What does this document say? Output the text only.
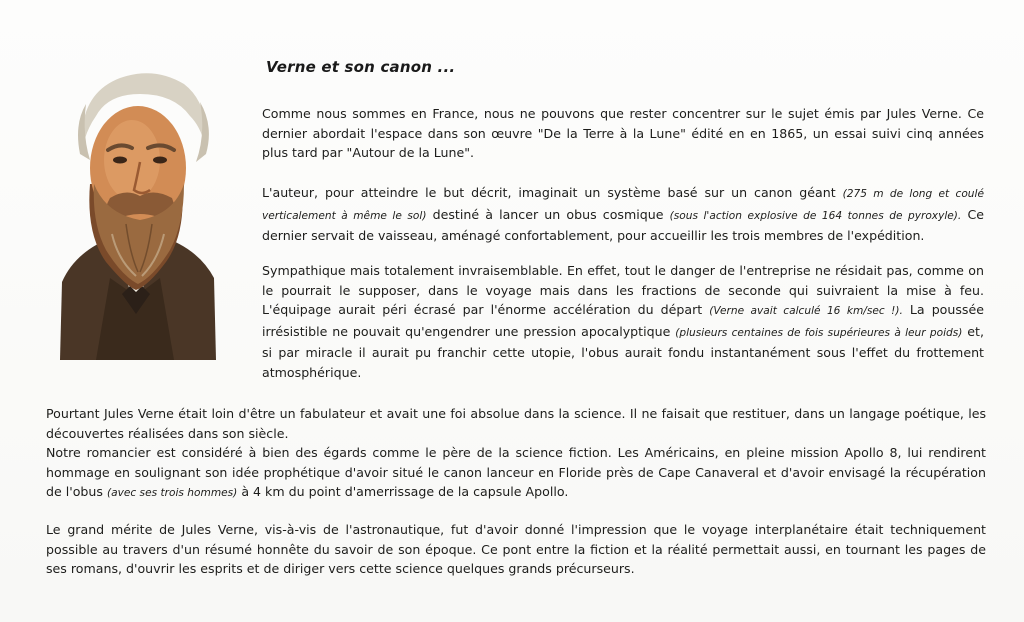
Verne et son canon ...
Comme nous sommes en France, nous ne pouvons que rester concentrer sur le sujet émis par Jules Verne. Ce dernier abordait l'espace dans son œuvre "De la Terre à la Lune" édité en en 1865, un essai suivi cinq années plus tard par "Autour de la Lune".
L'auteur, pour atteindre le but décrit, imaginait un système basé sur un canon géant (275 m de long et coulé verticalement à même le sol) destiné à lancer un obus cosmique (sous l'action explosive de 164 tonnes de pyroxyle). Ce dernier servait de vaisseau, aménagé confortablement, pour accueillir les trois membres de l'expédition.
Sympathique mais totalement invraisemblable. En effet, tout le danger de l'entreprise ne résidait pas, comme on le pourrait le supposer, dans le voyage mais dans les fractions de seconde qui suivraient la mise à feu. L'équipage aurait péri écrasé par l'énorme accélération du départ (Verne avait calculé 16 km/sec !). La poussée irrésistible ne pouvait qu'engendrer une pression apocalyptique (plusieurs centaines de fois supérieures à leur poids) et, si par miracle il aurait pu franchir cette utopie, l'obus aurait fondu instantanément sous l'effet du frottement atmosphérique.
Pourtant Jules Verne était loin d'être un fabulateur et avait une foi absolue dans la science. Il ne faisait que restituer, dans un langage poétique, les découvertes réalisées dans son siècle.
Notre romancier est considéré à bien des égards comme le père de la science fiction. Les Américains, en pleine mission Apollo 8, lui rendirent hommage en soulignant son idée prophétique d'avoir situé le canon lanceur en Floride près de Cape Canaveral et d'avoir envisagé la récupération de l'obus (avec ses trois hommes) à 4 km du point d'amerrissage de la capsule Apollo.
Le grand mérite de Jules Verne, vis-à-vis de l'astronautique, fut d'avoir donné l'impression que le voyage interplanétaire était techniquement possible au travers d'un résumé honnête du savoir de son époque. Ce pont entre la fiction et la réalité permettait aussi, en tournant les pages de ses romans, d'ouvrir les esprits et de diriger vers cette science quelques grands précurseurs.
